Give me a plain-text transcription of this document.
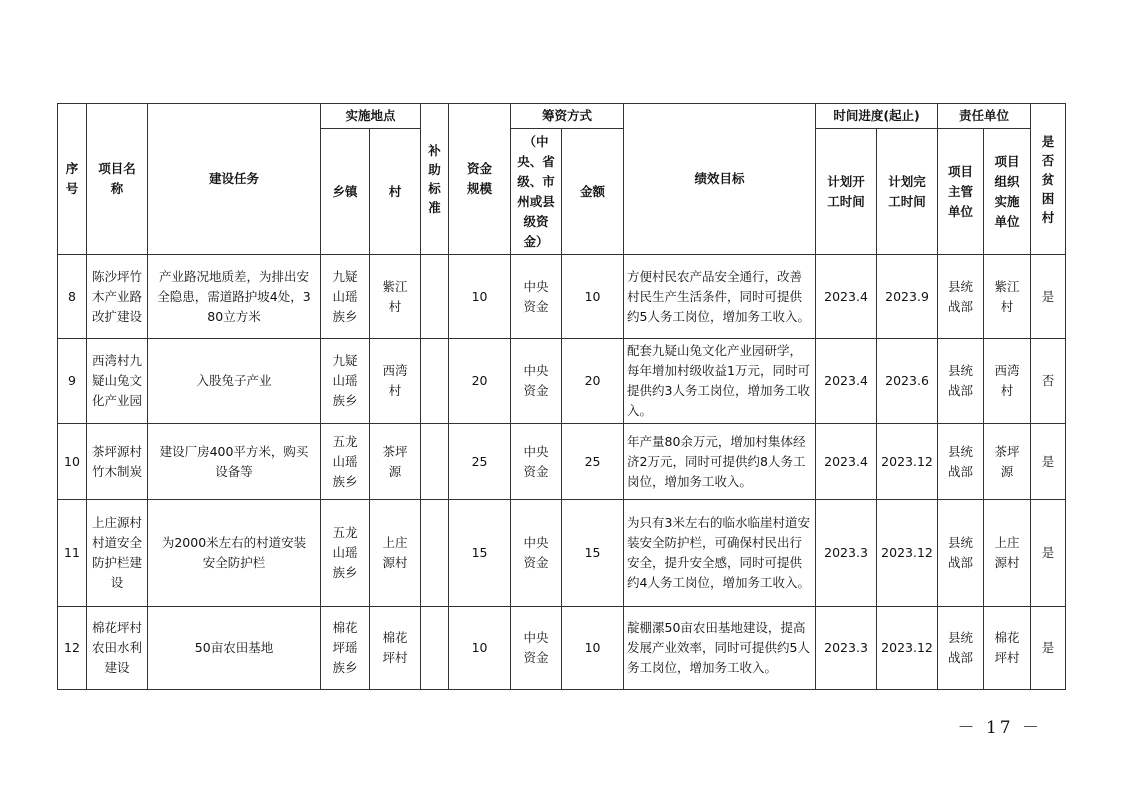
序号	项目名称	建设任务	实施地点		补助标准	资金规模	筹资方式		绩效目标	时间进度(起止)		责任单位		是否贫困村

			乡镇	村			（中央、省级、市州或县级资金）	金额		计划开工时间	计划完工时间	项目主管单位	项目组织实施单位	
8	陈沙坪竹木产业路改扩建设	产业路况地质差，为排出安全隐患，需道路护坡4处，380立方米	九疑山瑶族乡	紫江村		10	中央资金	10	方便村民农产品安全通行，改善村民生产生活条件，同时可提供约5人务工岗位，增加务工收入。	2023.4	2023.9	县统战部	紫江村	是
9	西湾村九疑山兔文化产业园	入股兔子产业	九疑山瑶族乡	西湾村		20	中央资金	20	配套九疑山兔文化产业园研学，每年增加村级收益1万元，同时可提供约3人务工岗位，增加务工收入。	2023.4	2023.6	县统战部	西湾村	否
10	茶坪源村竹木制炭	建设厂房400平方米，购买设备等	五龙山瑶族乡	茶坪源		25	中央资金	25	年产量80余万元，增加村集体经济2万元，同时可提供约8人务工岗位，增加务工收入。	2023.4	2023.12	县统战部	茶坪源	是
11	上庄源村村道安全防护栏建设	为2000米左右的村道安装安全防护栏	五龙山瑶族乡	上庄源村		15	中央资金	15	为只有3米左右的临水临崖村道安装安全防护栏，可确保村民出行安全，提升安全感，同时可提供约4人务工岗位，增加务工收入。	2023.3	2023.12	县统战部	上庄源村	是
12	棉花坪村农田水利建设	50亩农田基地	棉花坪瑶族乡	棉花坪村		10	中央资金	10	靛棚漯50亩农田基地建设，提高发展产业效率，同时可提供约5人务工岗位，增加务工收入。	2023.3	2023.12	县统战部	棉花坪村	是
－ 17 －
